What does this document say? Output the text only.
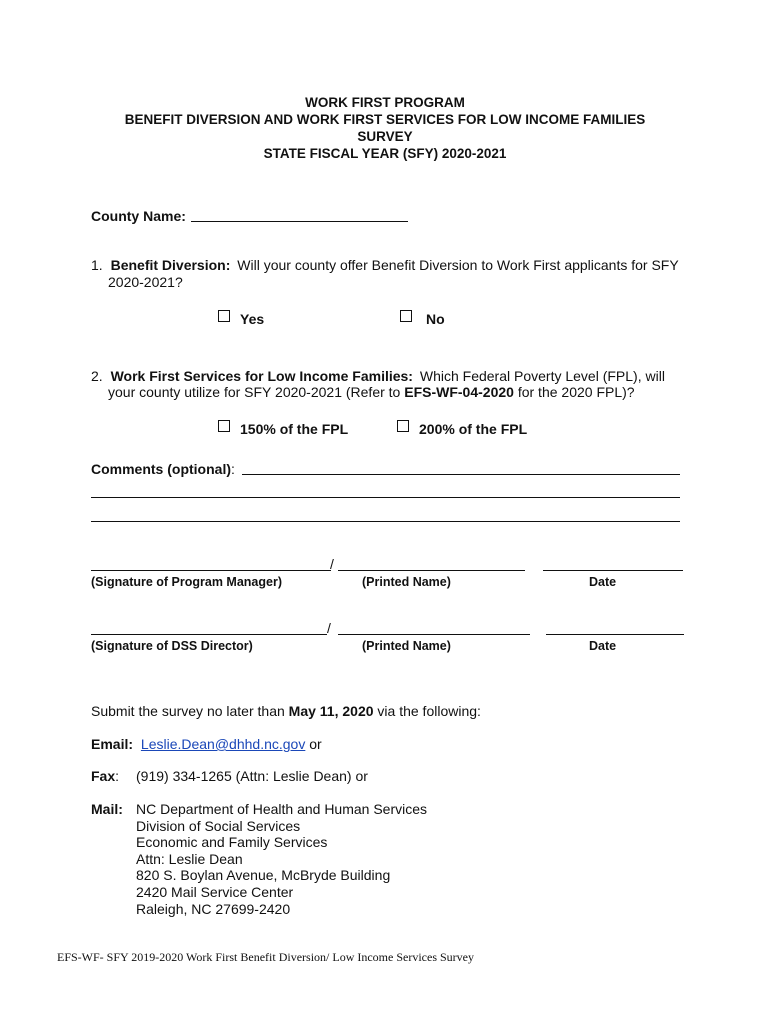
WORK FIRST PROGRAM
BENEFIT DIVERSION AND WORK FIRST SERVICES FOR LOW INCOME FAMILIES
SURVEY
STATE FISCAL YEAR (SFY) 2020-2021
County Name:
1. Benefit Diversion: Will your county offer Benefit Diversion to Work First applicants for SFY
2020-2021?
Yes	No
2. Work First Services for Low Income Families: Which Federal Poverty Level (FPL), will
your county utilize for SFY 2020-2021 (Refer to EFS-WF-04-2020 for the 2020 FPL)?
150% of the FPL	200% of the FPL
Comments (optional):
/
(Signature of Program Manager)	(Printed Name)	Date
/
(Signature of DSS Director)	(Printed Name)	Date
Submit the survey no later than May 11, 2020 via the following:
Email: Leslie.Dean@dhhd.nc.gov or
Fax: (919) 334-1265 (Attn: Leslie Dean) or
Mail: NC Department of Health and Human Services
Division of Social Services
Economic and Family Services
Attn: Leslie Dean
820 S. Boylan Avenue, McBryde Building
2420 Mail Service Center
Raleigh, NC 27699-2420
EFS-WF- SFY 2019-2020 Work First Benefit Diversion/ Low Income Services Survey
